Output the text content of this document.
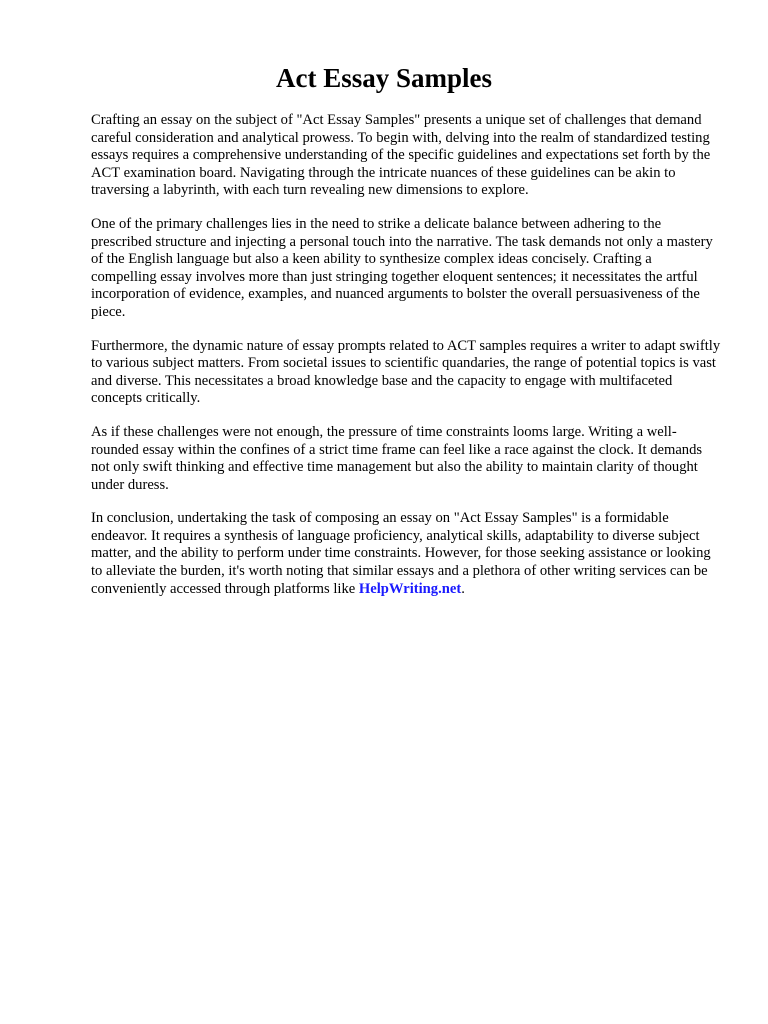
Act Essay Samples

Crafting an essay on the subject of "Act Essay Samples" presents a unique set of challenges that demand careful consideration and analytical prowess. To begin with, delving into the realm of standardized testing essays requires a comprehensive understanding of the specific guidelines and expectations set forth by the ACT examination board. Navigating through the intricate nuances of these guidelines can be akin to traversing a labyrinth, with each turn revealing new dimensions to explore.

One of the primary challenges lies in the need to strike a delicate balance between adhering to the prescribed structure and injecting a personal touch into the narrative. The task demands not only a mastery of the English language but also a keen ability to synthesize complex ideas concisely. Crafting a compelling essay involves more than just stringing together eloquent sentences; it necessitates the artful incorporation of evidence, examples, and nuanced arguments to bolster the overall persuasiveness of the piece.

Furthermore, the dynamic nature of essay prompts related to ACT samples requires a writer to adapt swiftly to various subject matters. From societal issues to scientific quandaries, the range of potential topics is vast and diverse. This necessitates a broad knowledge base and the capacity to engage with multifaceted concepts critically.

As if these challenges were not enough, the pressure of time constraints looms large. Writing a well-rounded essay within the confines of a strict time frame can feel like a race against the clock. It demands not only swift thinking and effective time management but also the ability to maintain clarity of thought under duress.

In conclusion, undertaking the task of composing an essay on "Act Essay Samples" is a formidable endeavor. It requires a synthesis of language proficiency, analytical skills, adaptability to diverse subject matter, and the ability to perform under time constraints. However, for those seeking assistance or looking to alleviate the burden, it's worth noting that similar essays and a plethora of other writing services can be conveniently accessed through platforms like HelpWriting.net.
